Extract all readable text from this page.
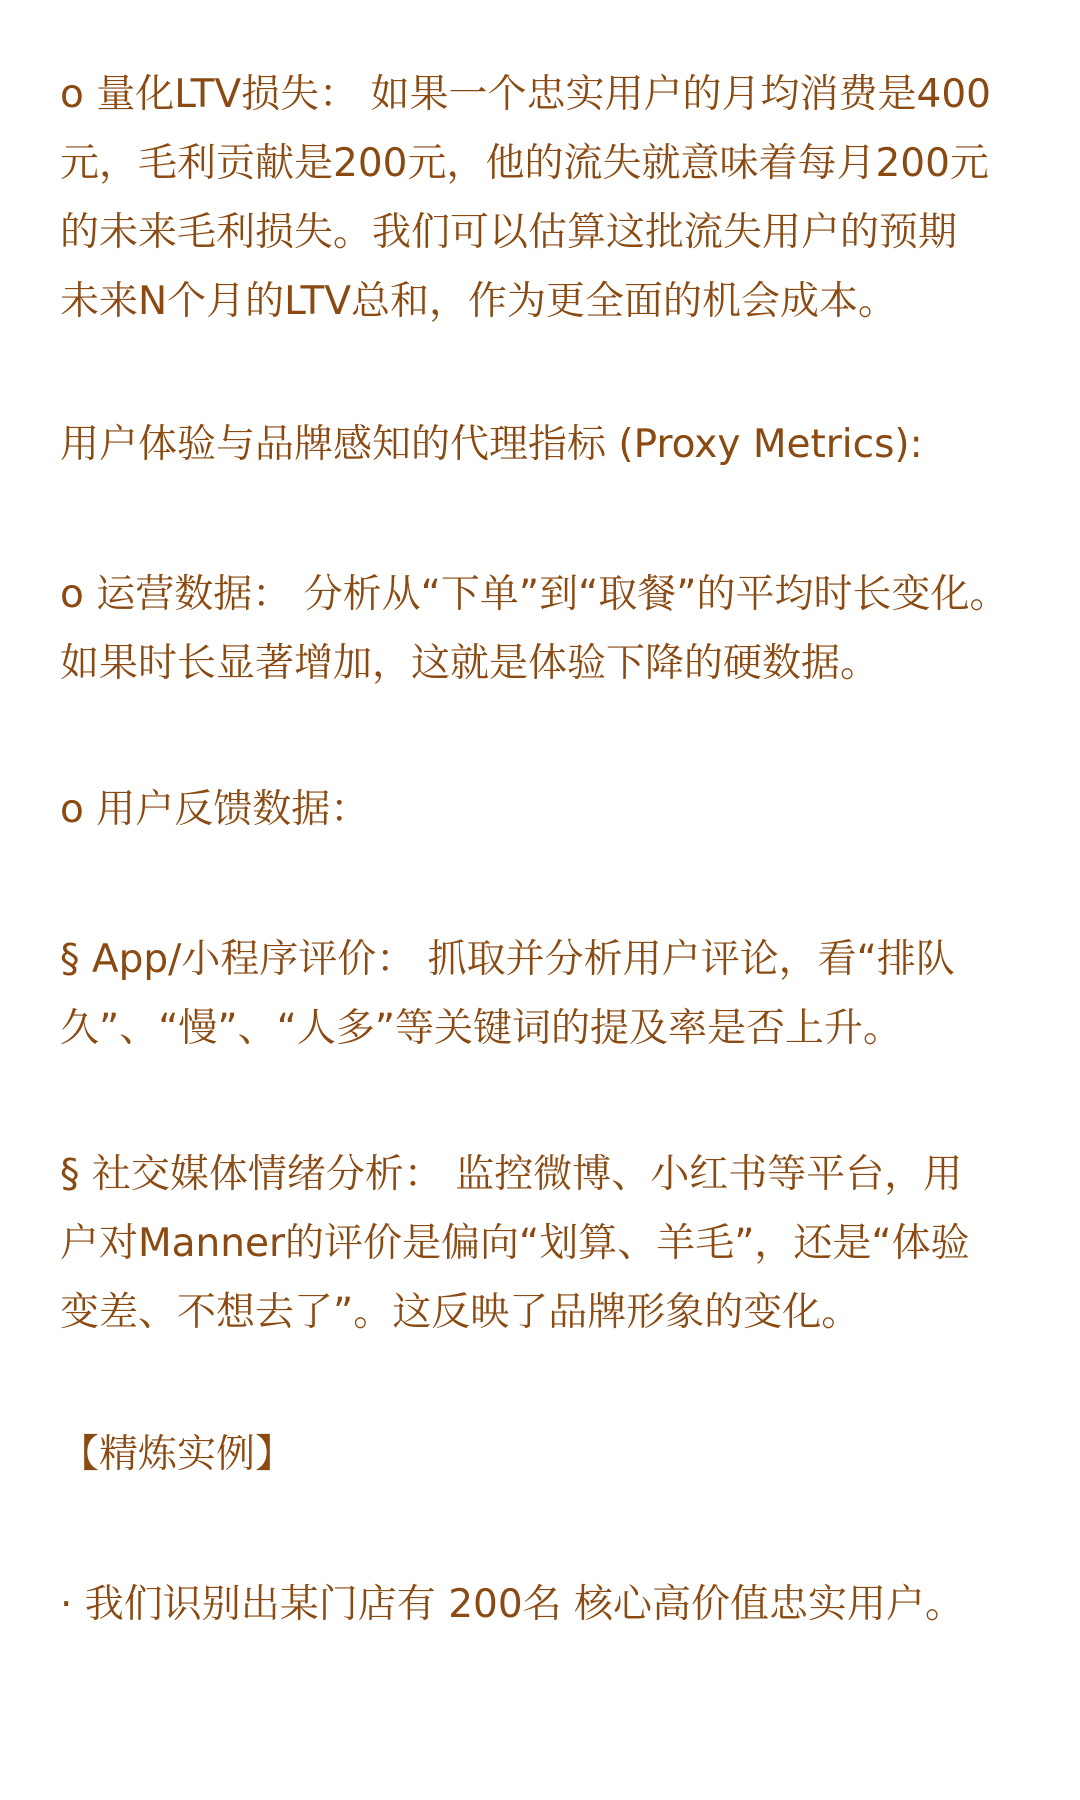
o 量化LTV损失： 如果一个忠实用户的月均消费是400
元，毛利贡献是200元，他的流失就意味着每月200元
的未来毛利损失。我们可以估算这批流失用户的预期
未来N个月的LTV总和，作为更全面的机会成本。
用户体验与品牌感知的代理指标 (Proxy Metrics):
o 运营数据： 分析从“下单”到“取餐”的平均时长变化。
如果时长显著增加，这就是体验下降的硬数据。
o 用户反馈数据：
§ App/小程序评价： 抓取并分析用户评论，看“排队
久”、“慢”、“人多”等关键词的提及率是否上升。
§ 社交媒体情绪分析： 监控微博、小红书等平台，用
户对Manner的评价是偏向“划算、羊毛”，还是“体验
变差、不想去了”。这反映了品牌形象的变化。
【精炼实例】
· 我们识别出某门店有 200名 核心高价值忠实用户。
